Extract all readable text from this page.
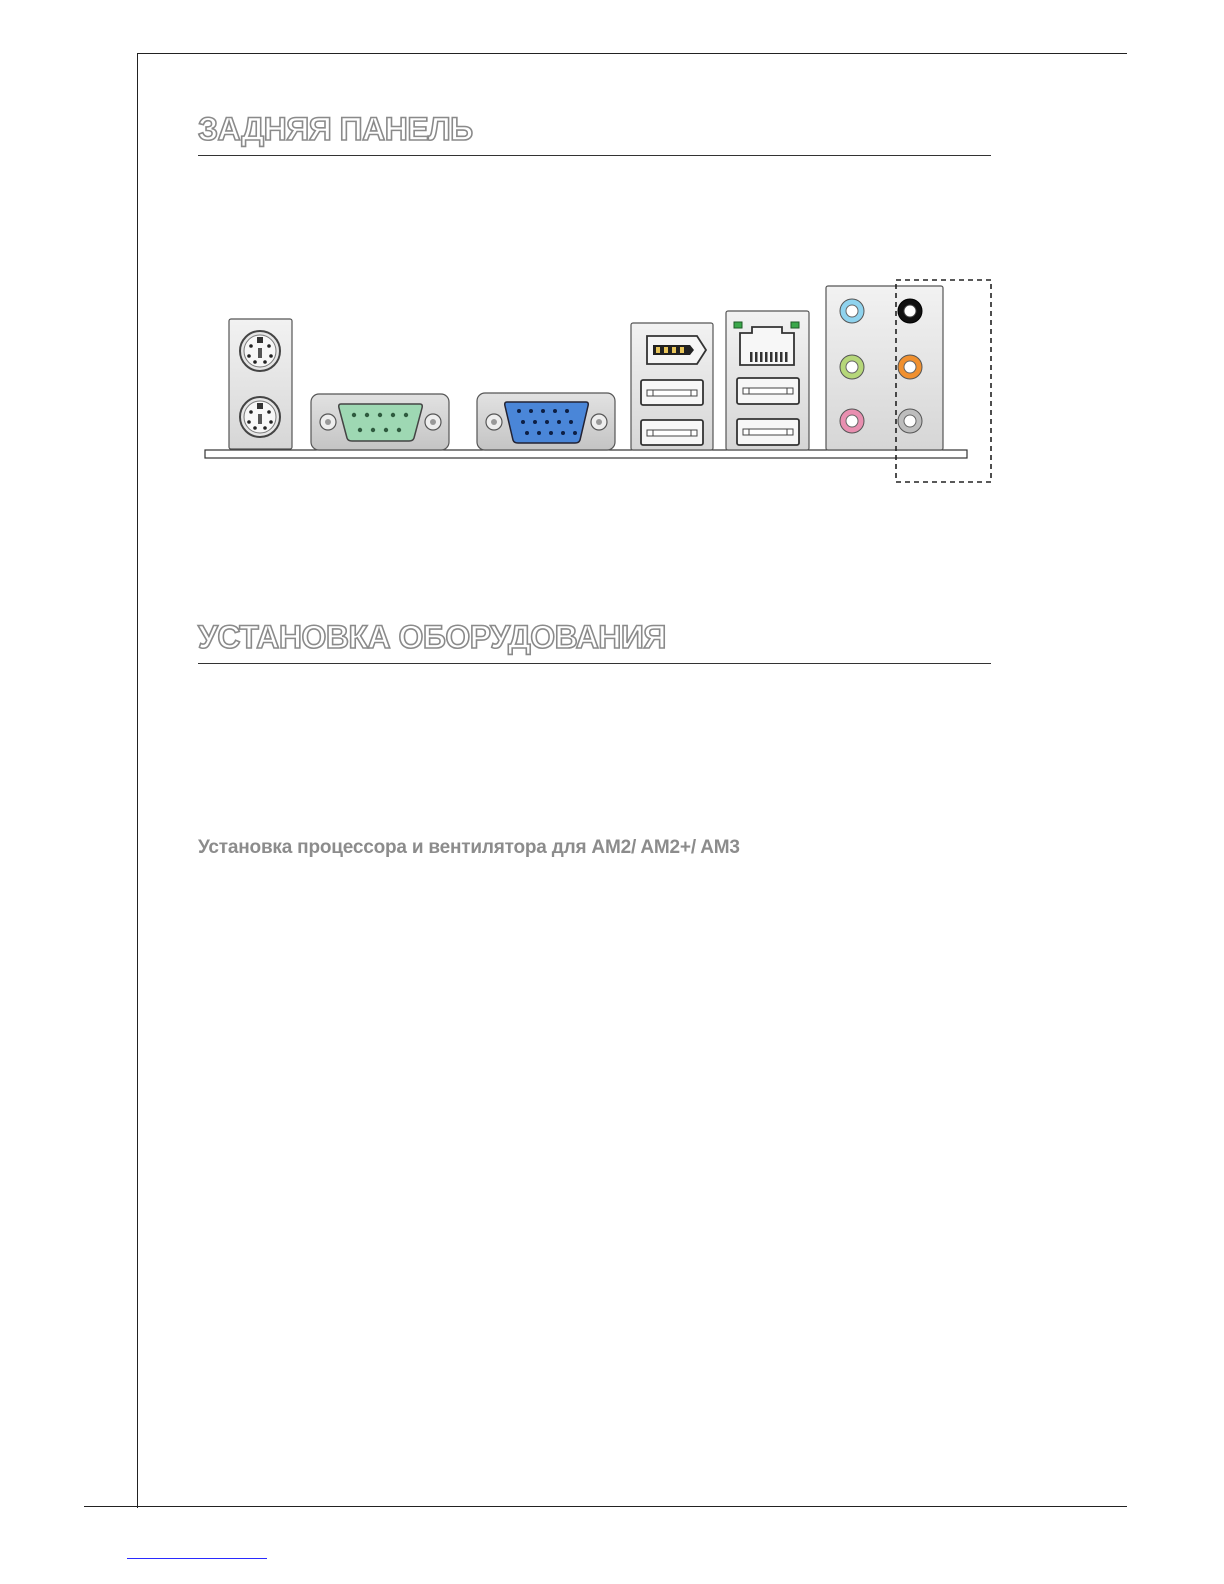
ЗАДНЯЯ ПАНЕЛЬ
УСТАНОВКА ОБОРУДОВАНИЯ
Установка процессора и вентилятора для AM2/ AM2+/ AM3
